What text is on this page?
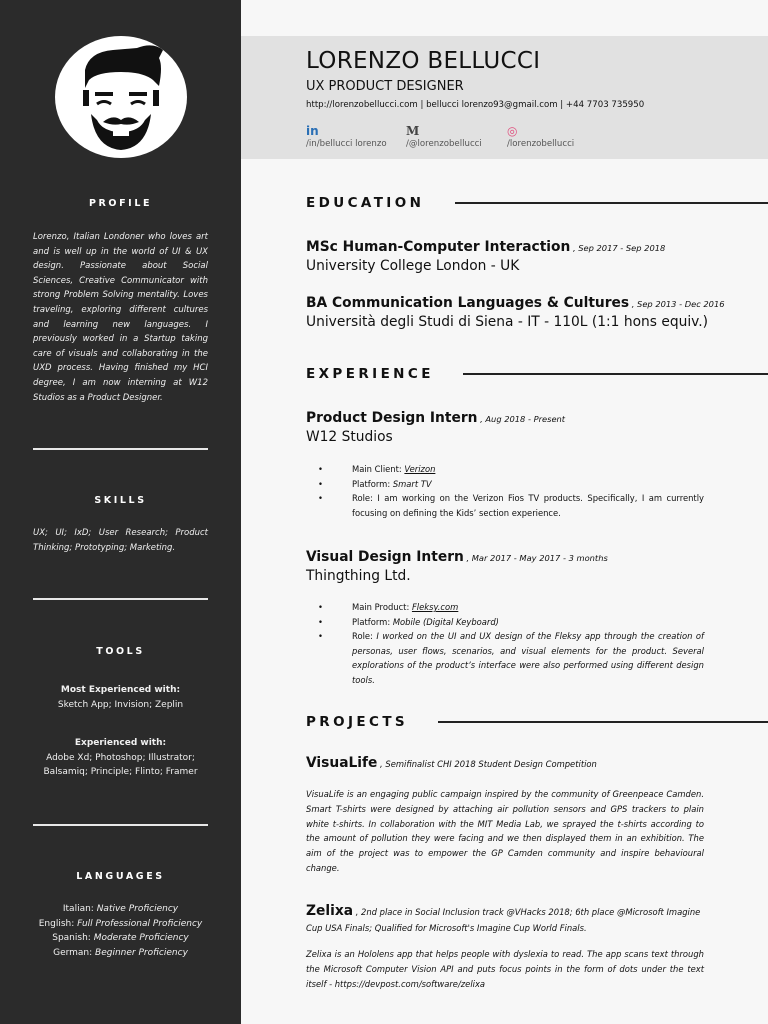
PROFILE
Lorenzo, Italian Londoner who loves art and is well up in the world of UI & UX design. Passionate about Social Sciences, Creative Communicator with strong Problem Solving mentality. Loves traveling, exploring different cultures and learning new languages. I previously worked in a Startup taking care of visuals and collaborating in the UXD process. Having finished my HCI degree, I am now interning at W12 Studios as a Product Designer.
SKILLS
UX; UI; IxD; User Research; Product Thinking; Prototyping; Marketing.
TOOLS
Most Experienced with:
Sketch App; Invision; Zeplin
Experienced with:
Adobe Xd; Photoshop; Illustrator;
Balsamiq; Principle; Flinto; Framer
LANGUAGES
Italian: Native Proficiency
English: Full Professional Proficiency
Spanish: Moderate Proficiency
German: Beginner Proficiency
LORENZO BELLUCCI
UX PRODUCT DESIGNER
http://lorenzobellucci.com | bellucci lorenzo93@gmail.com | +44 7703 735950
in
/in/bellucci lorenzo
M
/@lorenzobellucci
◎
/lorenzobellucci
EDUCATION
MSc Human-Computer Interaction , Sep 2017 - Sep 2018
University College London - UK
BA Communication Languages & Cultures , Sep 2013 - Dec 2016
Università degli Studi di Siena - IT - 110L (1:1 hons equiv.)
EXPERIENCE
Product Design Intern , Aug 2018 - Present
W12 Studios
• Main Client: Verizon
• Platform: Smart TV
• Role: I am working on the Verizon Fios TV products. Specifically, I am currently focusing on defining the Kids’ section experience.
Visual Design Intern , Mar 2017 - May 2017 - 3 months
Thingthing Ltd.
• Main Product: Fleksy.com
• Platform: Mobile (Digital Keyboard)
• Role: I worked on the UI and UX design of the Fleksy app through the creation of personas, user flows, scenarios, and visual elements for the product. Several explorations of the product’s interface were also performed using different design tools.
PROJECTS
VisuaLife , Semifinalist CHI 2018 Student Design Competition
VisuaLife is an engaging public campaign inspired by the community of Greenpeace Camden. Smart T-shirts were designed by attaching air pollution sensors and GPS trackers to plain white t-shirts. In collaboration with the MIT Media Lab, we sprayed the t-shirts according to the amount of pollution they were facing and we then displayed them in an exhibition. The aim of the project was to empower the GP Camden community and inspire behavioural change.
Zelixa , 2nd place in Social Inclusion track @VHacks 2018; 6th place @Microsoft Imagine Cup USA Finals; Qualified for Microsoft's Imagine Cup World Finals.
Zelixa is an Hololens app that helps people with dyslexia to read. The app scans text through the Microsoft Computer Vision API and puts focus points in the form of dots under the text itself - https://devpost.com/software/zelixa
